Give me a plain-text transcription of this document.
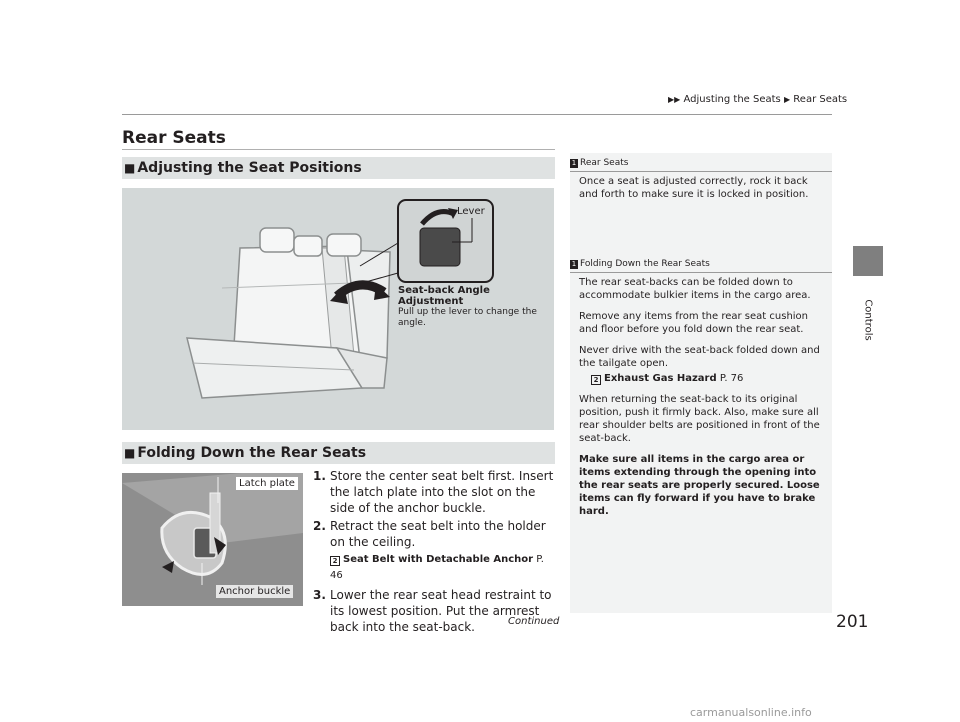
▶▶ Adjusting the Seats ▶ Rear Seats
Rear Seats
Controls
■ Adjusting the Seat Positions
Lever
Seat-back Angle Adjustment
Pull up the lever to change the angle.
■ Folding Down the Rear Seats
Latch plate
Anchor buckle
1. Store the center seat belt first. Insert the latch plate into the slot on the side of the anchor buckle.
2. Retract the seat belt into the holder on the ceiling.
2 Seat Belt with Detachable Anchor P. 46
3. Lower the rear seat head restraint to its lowest position. Put the armrest back into the seat-back.
1 Rear Seats

Once a seat is adjusted correctly, rock it back and forth to make sure it is locked in position.

1 Folding Down the Rear Seats

The rear seat-backs can be folded down to accommodate bulkier items in the cargo area.

Remove any items from the rear seat cushion and floor before you fold down the rear seat.

Never drive with the seat-back folded down and the tailgate open.

2 Exhaust Gas Hazard P. 76

When returning the seat-back to its original position, push it firmly back. Also, make sure all rear shoulder belts are positioned in front of the seat-back.

Make sure all items in the cargo area or items extending through the opening into the rear seats are properly secured. Loose items can fly forward if you have to brake hard.

Continued	201
carmanualsonline.info
